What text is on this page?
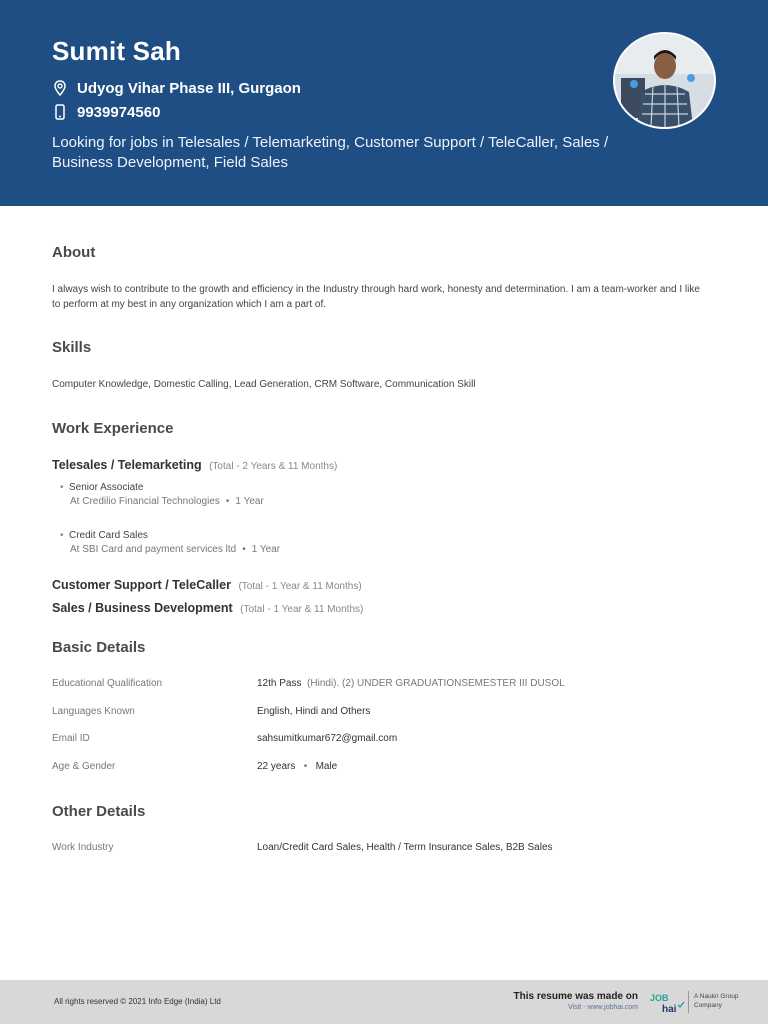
Sumit Sah
Udyog Vihar Phase III, Gurgaon
9939974560
Looking for jobs in Telesales / Telemarketing, Customer Support / TeleCaller, Sales / Business Development, Field Sales
About
I always wish to contribute to the growth and efficiency in the Industry through hard work, honesty and determination. I am a team-worker and I like to perform at my best in any organization which I am a part of.
Skills
Computer Knowledge, Domestic Calling, Lead Generation, CRM Software, Communication Skill
Work Experience
Telesales / Telemarketing (Total - 2 Years & 11 Months)
• Senior Associate
At Credilio Financial Technologies • 1 Year
• Credit Card Sales
At SBI Card and payment services ltd • 1 Year
Customer Support / TeleCaller (Total - 1 Year & 11 Months)
Sales / Business Development (Total - 1 Year & 11 Months)
Basic Details
Educational Qualification	12th Pass (Hindi). (2) UNDER GRADUATIONSEMESTER III DUSOL
Languages Known	English, Hindi and Others
Email ID	sahsumitkumar672@gmail.com
Age & Gender	22 years • Male
Other Details
Work Industry	Loan/Credit Card Sales, Health / Term Insurance Sales, B2B Sales
All rights reserved © 2021 Info Edge (India) Ltd	This resume was made on
Visit - www.jobhai.com
JOB
hai
A Naukri Group Company
